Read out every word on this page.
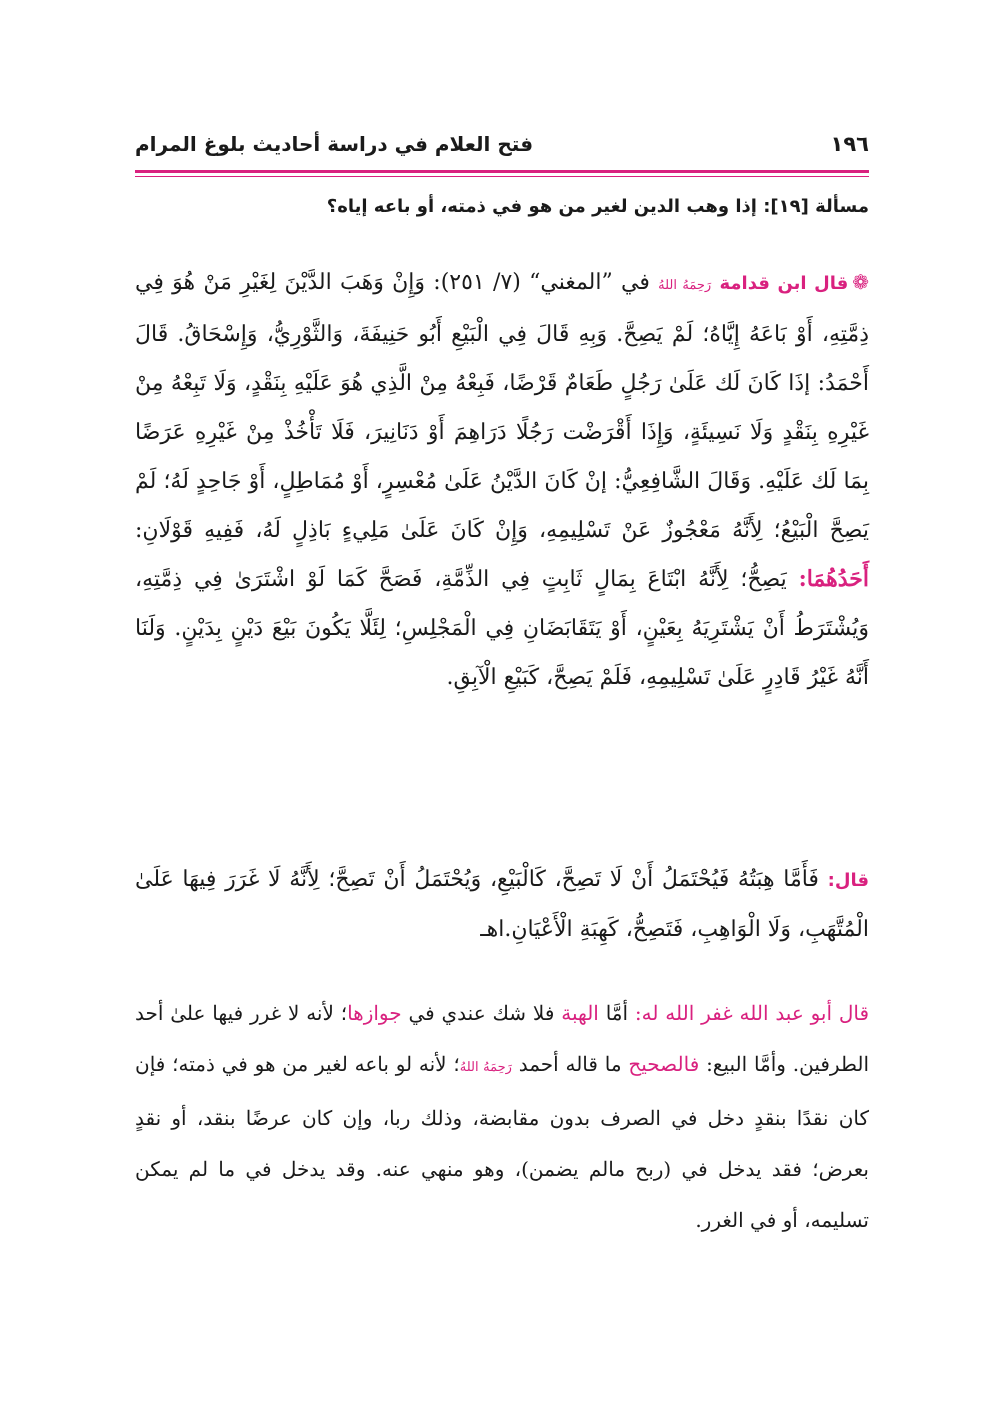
١٩٦
فتح العلام في دراسة أحاديث بلوغ المرام
مسألة [١٩]: إذا وهب الدين لغير من هو في ذمته، أو باعه إياه؟
❁قال ابن قدامة رَحِمَهُ اللهُ في ”المغني“ (٧/ ٢٥١): وَإِنْ وَهَبَ الدَّيْنَ لِغَيْرِ مَنْ هُوَ فِي ذِمَّتِهِ، أَوْ بَاعَهُ إِيَّاهُ؛ لَمْ يَصِحَّ. وَبِهِ قَالَ فِي الْبَيْعِ أَبُو حَنِيفَةَ، وَالثَّوْرِيُّ، وَإِسْحَاقُ. قَالَ أَحْمَدُ: إذَا كَانَ لَك عَلَىٰ رَجُلٍ طَعَامٌ قَرْضًا، فَبِعْهُ مِنْ الَّذِي هُوَ عَلَيْهِ بِنَقْدٍ، وَلَا تَبِعْهُ مِنْ غَيْرِهِ بِنَقْدٍ وَلَا نَسِيئَةٍ، وَإِذَا أَقْرَضْت رَجُلًا دَرَاهِمَ أَوْ دَنَانِيرَ، فَلَا تَأْخُذْ مِنْ غَيْرِهِ عَرَضًا بِمَا لَك عَلَيْهِ. وَقَالَ الشَّافِعِيُّ: إنْ كَانَ الدَّيْنُ عَلَىٰ مُعْسِرٍ، أَوْ مُمَاطِلٍ، أَوْ جَاحِدٍ لَهُ؛ لَمْ يَصِحَّ الْبَيْعُ؛ لِأَنَّهُ مَعْجُوزٌ عَنْ تَسْلِيمِهِ، وَإِنْ كَانَ عَلَىٰ مَلِيءٍ بَاذِلٍ لَهُ، فَفِيهِ قَوْلَانِ: أَحَدُهُمَا: يَصِحُّ؛ لِأَنَّهُ ابْتَاعَ بِمَالٍ ثَابِتٍ فِي الذِّمَّةِ، فَصَحَّ كَمَا لَوْ اشْتَرَىٰ فِي ذِمَّتِهِ، وَيُشْتَرَطُ أَنْ يَشْتَرِيَهُ بِعَيْنٍ، أَوْ يَتَقَابَضَانِ فِي الْمَجْلِسِ؛ لِئَلَّا يَكُونَ بَيْعَ دَيْنٍ بِدَيْنٍ. وَلَنَا أَنَّهُ غَيْرُ قَادِرٍ عَلَىٰ تَسْلِيمِهِ، فَلَمْ يَصِحَّ، كَبَيْعِ الْآبِقِ.
قال: فَأَمَّا هِبَتُهُ فَيُحْتَمَلُ أَنْ لَا تَصِحَّ، كَالْبَيْعِ، وَيُحْتَمَلُ أَنْ تَصِحَّ؛ لِأَنَّهُ لَا غَرَرَ فِيهَا عَلَىٰ الْمُتَّهَبِ، وَلَا الْوَاهِبِ، فَتَصِحُّ، كَهِبَةِ الْأَعْيَانِ.اهـ
قال أبو عبد الله غفر الله له: أمَّا الهبة فلا شك عندي في جوازها؛ لأنه لا غرر فيها علىٰ أحد الطرفين. وأمَّا البيع: فالصحيح ما قاله أحمد رَحِمَهُ اللهُ؛ لأنه لو باعه لغير من هو في ذمته؛ فإن كان نقدًا بنقدٍ دخل في الصرف بدون مقابضة، وذلك ربا، وإن كان عرضًا بنقد، أو نقدٍ بعرض؛ فقد يدخل في (ربح مالم يضمن)، وهو منهي عنه. وقد يدخل في ما لم يمكن تسليمه، أو في الغرر.
